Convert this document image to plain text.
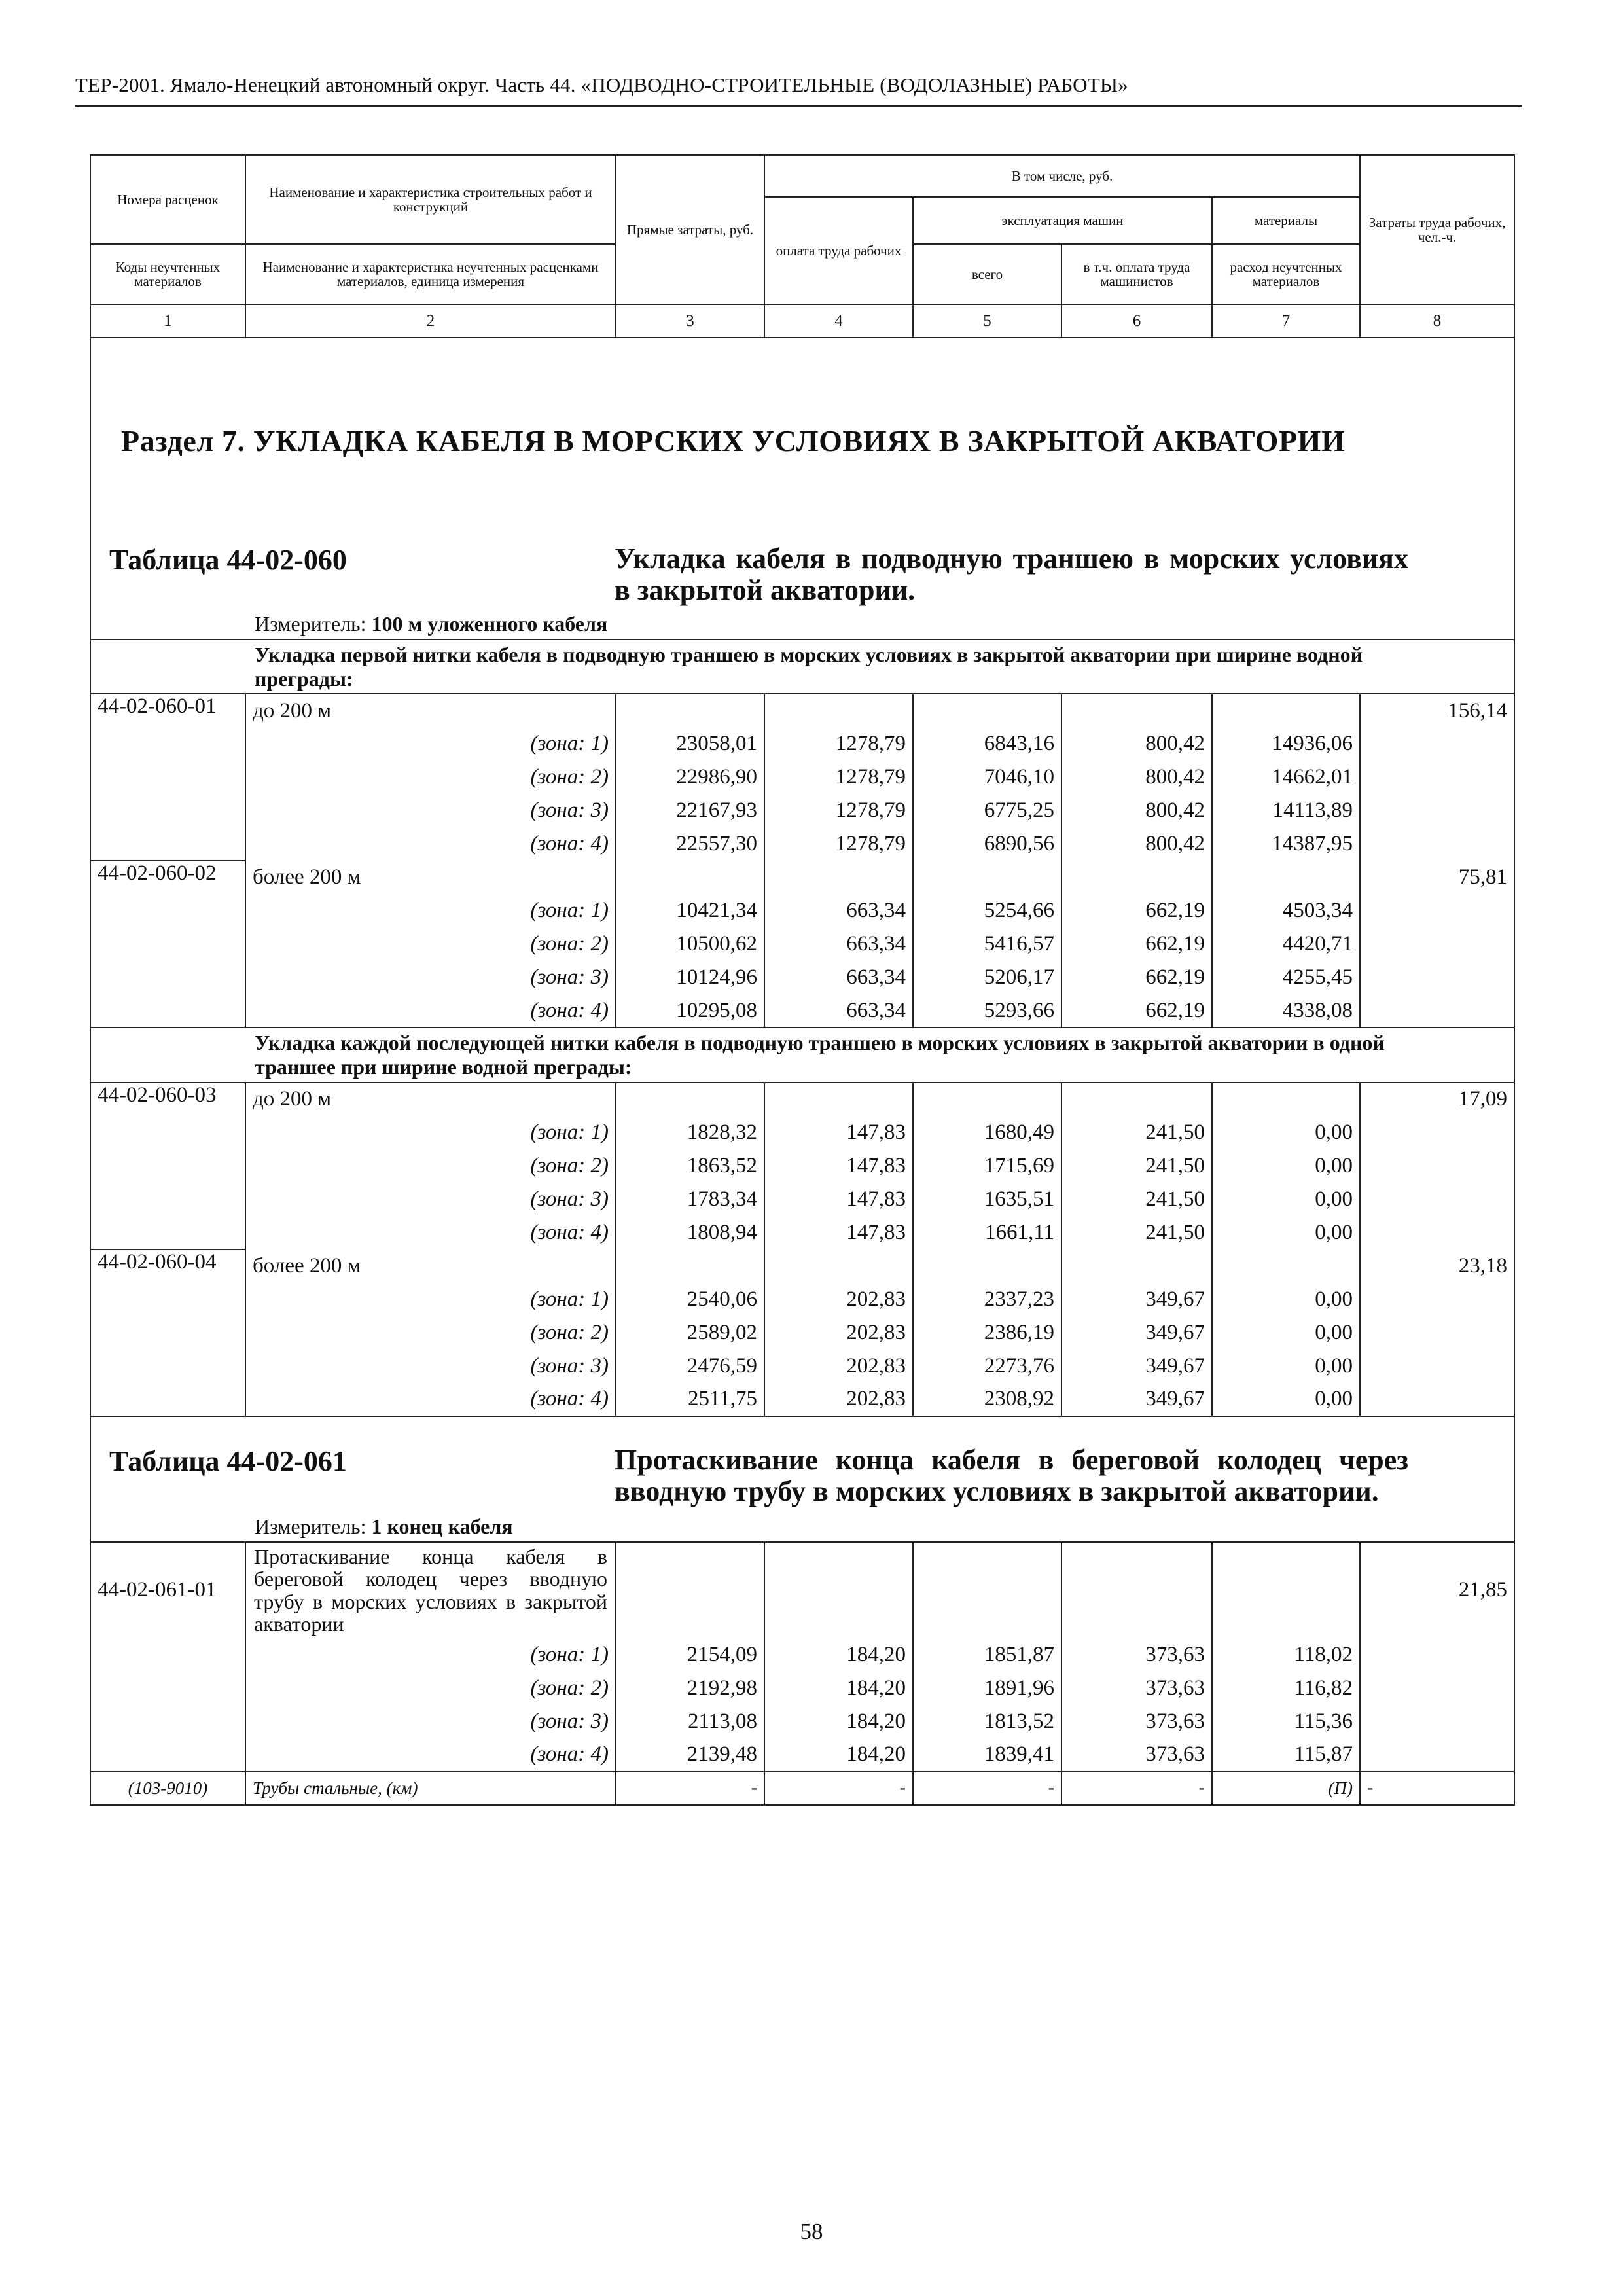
ТЕР-2001. Ямало-Ненецкий автономный округ. Часть 44. «ПОДВОДНО-СТРОИТЕЛЬНЫЕ (ВОДОЛАЗНЫЕ) РАБОТЫ»
Номера расценок	Наименование и характеристика строительных работ и конструкций	Прямые затраты, руб.	В том числе, руб.				Затраты труда рабочих, чел.-ч.
			оплата труда рабочих	эксплуатация машин		материалы	
Коды неучтенных материалов	Наименование и характеристика неучтенных расценками материалов, единица измерения			всего	в т.ч. оплата труда машинистов	расход неучтенных материалов	
1	2	3	4	5	6	7	8

Раздел 7. УКЛАДКА КАБЕЛЯ В МОРСКИХ УСЛОВИЯХ В ЗАКРЫТОЙ АКВАТОРИИ
Таблица 44-02-060 Укладка кабеля в подводную траншею в морских условиях в закрытой акватории.
Измеритель: 100 м уложенного кабеля							

Укладка первой нитки кабеля в подводную траншею в морских условиях в закрытой акватории при ширине водной преграды:							
44-02-060-01	до 200 м						156,14
	(зона: 1)	23058,01	1278,79	6843,16	800,42	14936,06	
	(зона: 2)	22986,90	1278,79	7046,10	800,42	14662,01	
	(зона: 3)	22167,93	1278,79	6775,25	800,42	14113,89	
	(зона: 4)	22557,30	1278,79	6890,56	800,42	14387,95	
44-02-060-02	более 200 м						75,81
	(зона: 1)	10421,34	663,34	5254,66	662,19	4503,34	
	(зона: 2)	10500,62	663,34	5416,57	662,19	4420,71	
	(зона: 3)	10124,96	663,34	5206,17	662,19	4255,45	
	(зона: 4)	10295,08	663,34	5293,66	662,19	4338,08	
Укладка каждой последующей нитки кабеля в подводную траншею в морских условиях в закрытой акватории в одной траншее при ширине водной преграды:							
44-02-060-03	до 200 м						17,09
	(зона: 1)	1828,32	147,83	1680,49	241,50	0,00	
	(зона: 2)	1863,52	147,83	1715,69	241,50	0,00	
	(зона: 3)	1783,34	147,83	1635,51	241,50	0,00	
	(зона: 4)	1808,94	147,83	1661,11	241,50	0,00	
44-02-060-04	более 200 м						23,18
	(зона: 1)	2540,06	202,83	2337,23	349,67	0,00	
	(зона: 2)	2589,02	202,83	2386,19	349,67	0,00	
	(зона: 3)	2476,59	202,83	2273,76	349,67	0,00	
	(зона: 4)	2511,75	202,83	2308,92	349,67	0,00	

Таблица 44-02-061 Протаскивание конца кабеля в береговой колодец через вводную трубу в морских условиях в закрытой акватории.
Измеритель: 1 конец кабеля							

44-02-061-01	Протаскивание конца кабеля в береговой колодец через вводную трубу в морских условиях в закрытой акватории						21,85
	(зона: 1)	2154,09	184,20	1851,87	373,63	118,02	
	(зона: 2)	2192,98	184,20	1891,96	373,63	116,82	
	(зона: 3)	2113,08	184,20	1813,52	373,63	115,36	
	(зона: 4)	2139,48	184,20	1839,41	373,63	115,87	
(103-9010)	Трубы стальные, (км)	-	-	-	-	(П)	-
58
